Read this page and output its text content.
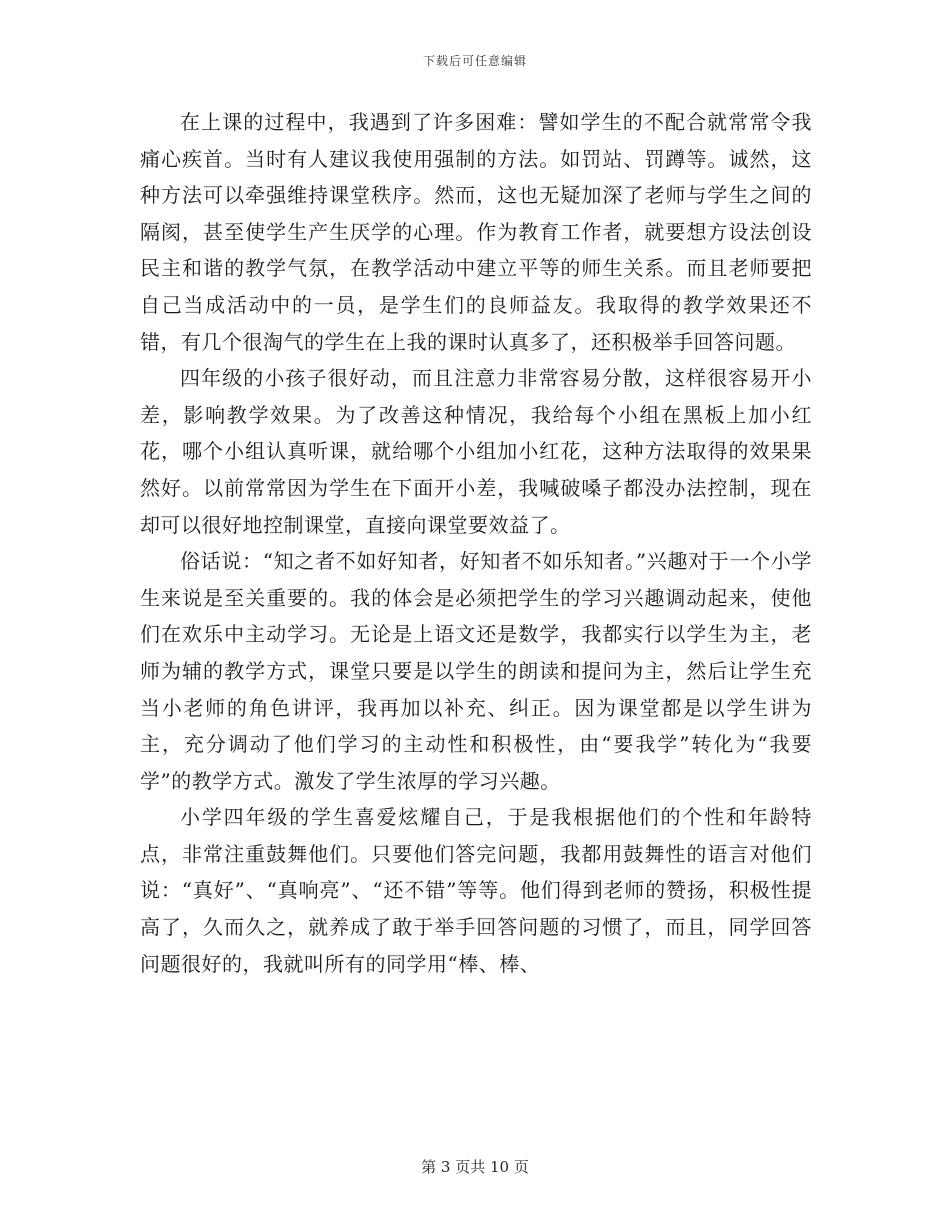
下载后可任意编辑

在上课的过程中，我遇到了许多困难：譬如学生的不配合就常常令我痛心疾首。当时有人建议我使用强制的方法。如罚站、罚蹲等。诚然，这种方法可以牵强维持课堂秩序。然而，这也无疑加深了老师与学生之间的隔阂，甚至使学生产生厌学的心理。作为教育工作者，就要想方设法创设民主和谐的教学气氛，在教学活动中建立平等的师生关系。而且老师要把自己当成活动中的一员，是学生们的良师益友。我取得的教学效果还不错，有几个很淘气的学生在上我的课时认真多了，还积极举手回答问题。

四年级的小孩子很好动，而且注意力非常容易分散，这样很容易开小差，影响教学效果。为了改善这种情况，我给每个小组在黑板上加小红花，哪个小组认真听课，就给哪个小组加小红花，这种方法取得的效果果然好。以前常常因为学生在下面开小差，我喊破嗓子都没办法控制，现在却可以很好地控制课堂，直接向课堂要效益了。

俗话说：“知之者不如好知者，好知者不如乐知者。”兴趣对于一个小学生来说是至关重要的。我的体会是必须把学生的学习兴趣调动起来，使他们在欢乐中主动学习。无论是上语文还是数学，我都实行以学生为主，老师为辅的教学方式，课堂只要是以学生的朗读和提问为主，然后让学生充当小老师的角色讲评，我再加以补充、纠正。因为课堂都是以学生讲为主，充分调动了他们学习的主动性和积极性，由“要我学”转化为“我要学”的教学方式。激发了学生浓厚的学习兴趣。

小学四年级的学生喜爱炫耀自己，于是我根据他们的个性和年龄特点，非常注重鼓舞他们。只要他们答完问题，我都用鼓舞性的语言对他们说：“真好”、“真响亮”、“还不错”等等。他们得到老师的赞扬，积极性提高了，久而久之，就养成了敢于举手回答问题的习惯了，而且，同学回答问题很好的，我就叫所有的同学用“棒、棒、

第 3 页共 10 页
